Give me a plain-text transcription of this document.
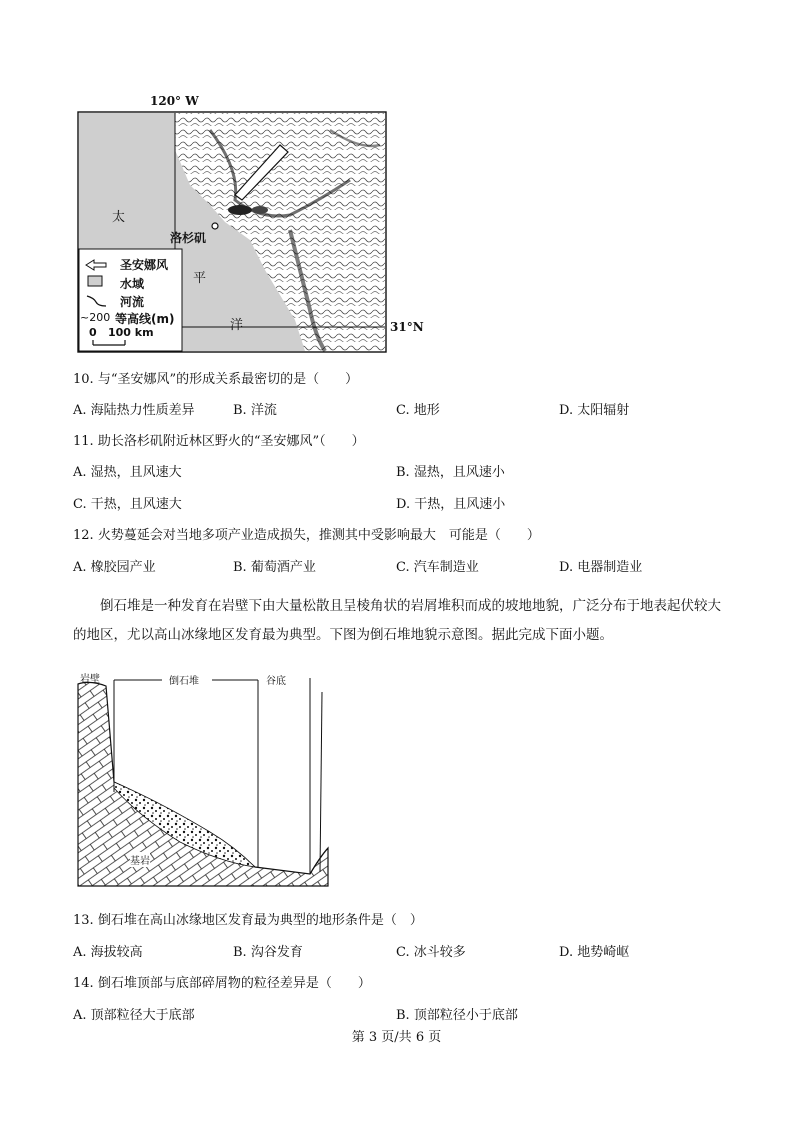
120° W
太
平
洋
洛杉矶
圣安娜风
水域
河流
~200 等高线(m)
0 100 km	31°N
10. 与“圣安娜风”的形成关系最密切的是（　　）
A. 海陆热力性质差异	B. 洋流	C. 地形	D. 太阳辐射
11. 助长洛杉矶附近林区野火的“圣安娜风”（　　）
A. 湿热，且风速大	B. 湿热，且风速小
C. 干热，且风速大	D. 干热，且风速小
12. 火势蔓延会对当地多项产业造成损失，推测其中受影响最大　可能是（　　）
A. 橡胶园产业	B. 葡萄酒产业	C. 汽车制造业	D. 电器制造业
倒石堆是一种发育在岩壁下由大量松散且呈棱角状的岩屑堆积而成的坡地地貌，广泛分布于地表起伏较大的地区，尤以高山冰缘地区发育最为典型。下图为倒石堆地貌示意图。据此完成下面小题。
岩壁	倒石堆	谷底
基岩
13. 倒石堆在高山冰缘地区发育最为典型的地形条件是（　）
A. 海拔较高	B. 沟谷发育	C. 冰斗较多	D. 地势崎岖
14. 倒石堆顶部与底部碎屑物的粒径差异是（　　）
A. 顶部粒径大于底部	B. 顶部粒径小于底部
第 3 页/共 6 页
